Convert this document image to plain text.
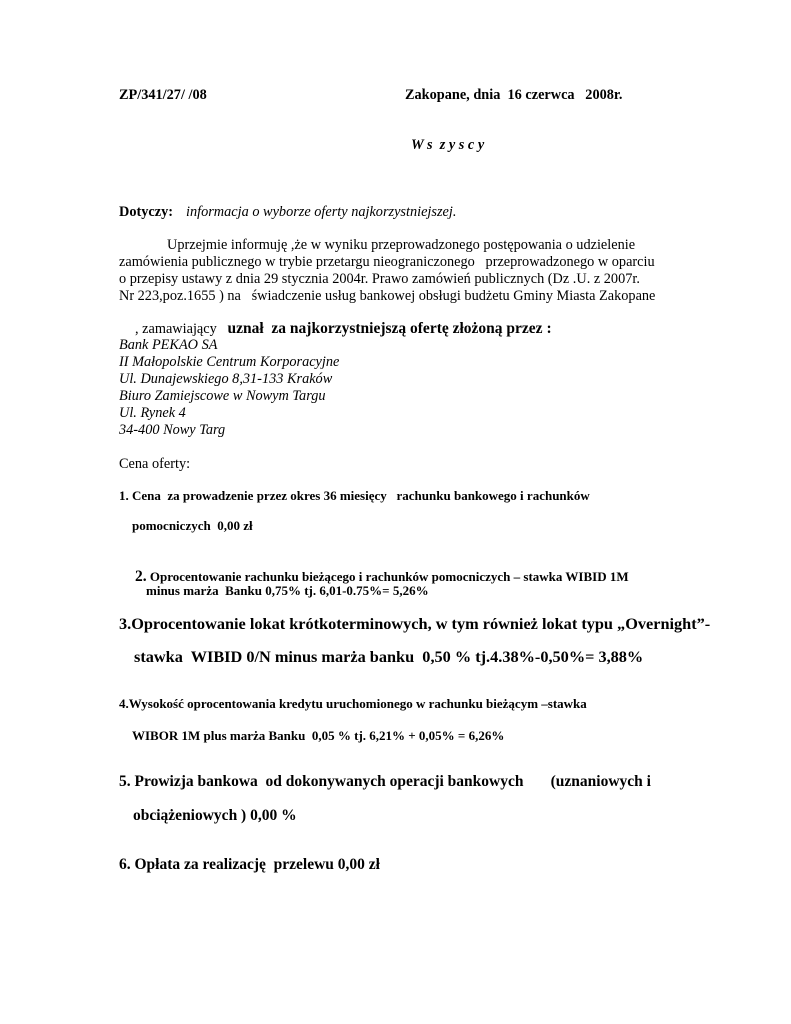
ZP/341/27/ /08	Zakopane, dnia  16 czerwca   2008r.
W s  z y s c y
Dotyczy: informacja o wyborze oferty najkorzystniejszej.
Uprzejmie informuję ,że w wyniku przeprowadzonego postępowania o udzielenie
zamówienia publicznego w trybie przetargu nieograniczonego   przeprowadzonego w oparciu
o przepisy ustawy z dnia 29 stycznia 2004r. Prawo zamówień publicznych (Dz .U. z 2007r.
Nr 223,poz.1655 ) na   świadczenie usług bankowej obsługi budżetu Gminy Miasta Zakopane

, zamawiający   uznał  za najkorzystniejszą ofertę złożoną przez :

Bank PEKAO SA
II Małopolskie Centrum Korporacyjne
Ul. Dunajewskiego 8,31-133 Kraków
Biuro Zamiejscowe w Nowym Targu
Ul. Rynek 4
34-400 Nowy Targ
Cena oferty:
1. Cena  za prowadzenie przez okres 36 miesięcy   rachunku bankowego i rachunków
pomocniczych  0,00 zł

2. Oprocentowanie rachunku bieżącego i rachunków pomocniczych – stawka WIBID 1M

minus marża  Banku 0,75% tj. 6,01-0.75%= 5,26%
3.Oprocentowanie lokat krótkoterminowych, w tym również lokat typu „Overnight”-
stawka  WIBID 0/N minus marża banku  0,50 % tj.4.38%-0,50%= 3,88%
4.Wysokość oprocentowania kredytu uruchomionego w rachunku bieżącym –stawka
WIBOR 1M plus marża Banku  0,05 % tj. 6,21% + 0,05% = 6,26%
5. Prowizja bankowa  od dokonywanych operacji bankowych       (uznaniowych i
obciążeniowych ) 0,00 %
6. Opłata za realizację  przelewu 0,00 zł
